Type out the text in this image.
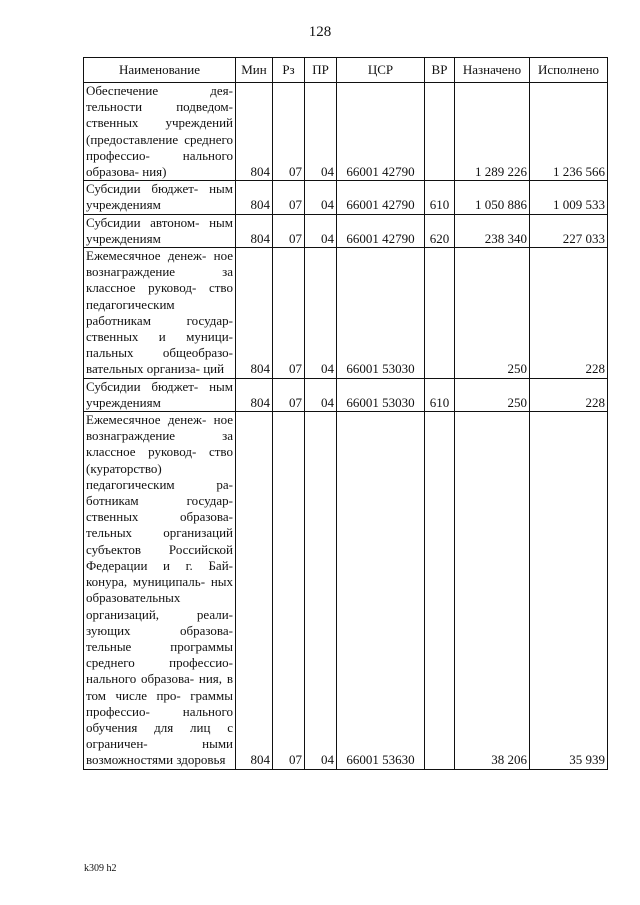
128
Наименование	Мин	Рз	ПР	ЦСР	ВР	Назначено	Исполнено
Обеспечение дея- тельности подведом- ственных учреждений (предоставление среднего профессио- нального образова- ния)	804	07	04	66001 42790		1 289 226	1 236 566
Субсидии бюджет- ным учреждениям	804	07	04	66001 42790	610	1 050 886	1 009 533
Субсидии автоном- ным учреждениям	804	07	04	66001 42790	620	238 340	227 033
Ежемесячное денеж- ное вознаграждение за классное руковод- ство педагогическим работникам государ- ственных и муници- пальных общеобразо- вательных организа- ций	804	07	04	66001 53030		250	228
Субсидии бюджет- ным учреждениям	804	07	04	66001 53030	610	250	228
Ежемесячное денеж- ное вознаграждение за классное руковод- ство (кураторство) педагогическим ра- ботникам государ- ственных образова- тельных организаций субъектов Российской Федерации и г. Бай- конура, муниципаль- ных образовательных организаций, реали- зующих образова- тельные программы среднего профессио- нального образова- ния, в том числе про- граммы профессио- нального обучения для лиц с ограничен- ными возможностями здоровья	804	07	04	66001 53630		38 206	35 939
k309 h2
